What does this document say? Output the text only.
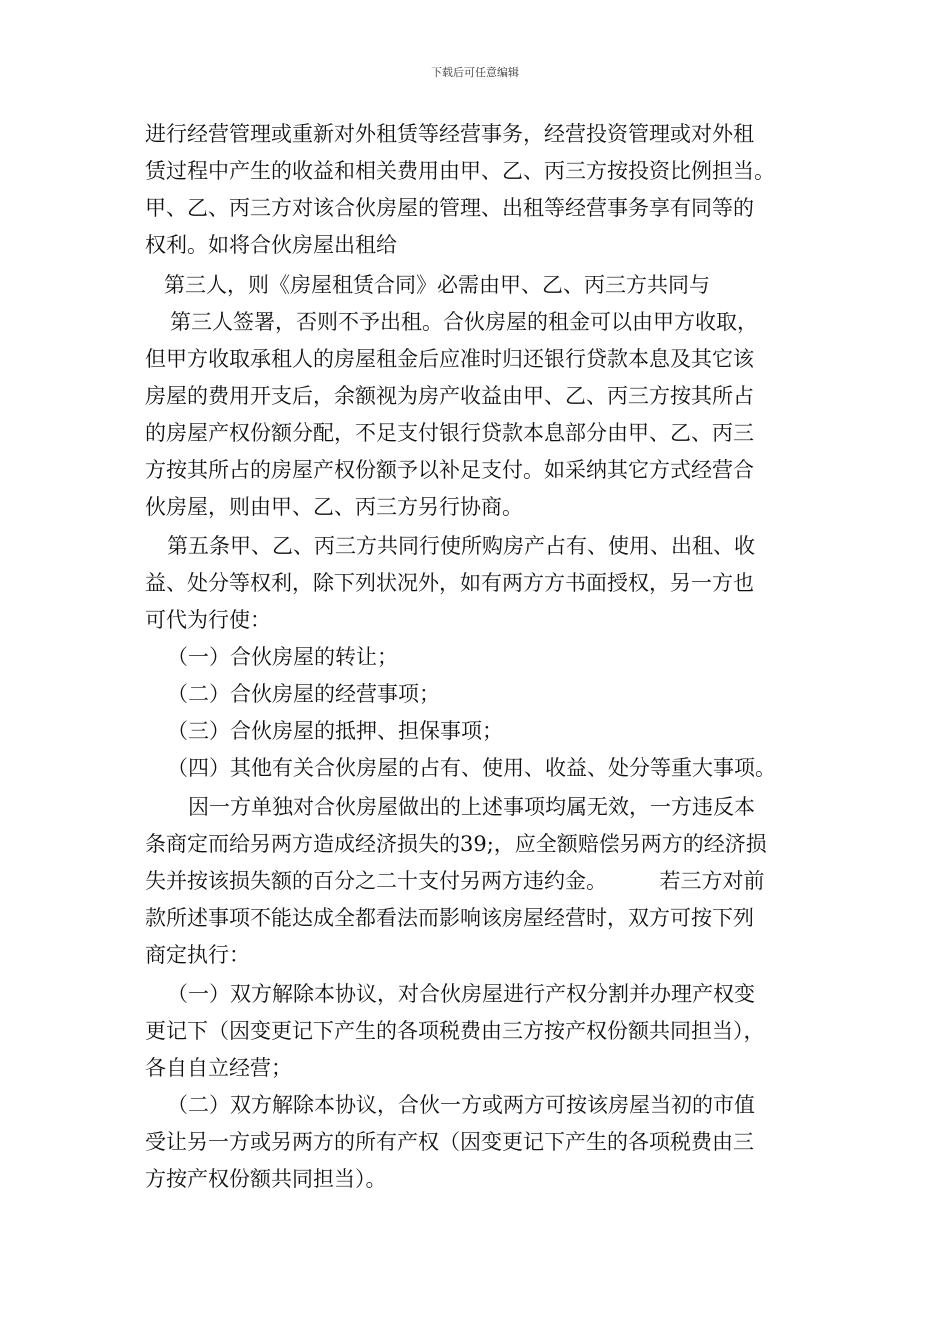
下载后可任意编辑
进行经营管理或重新对外租赁等经营事务，经营投资管理或对外租
赁过程中产生的收益和相关费用由甲、乙、丙三方按投资比例担当。
甲、乙、丙三方对该合伙房屋的管理、出租等经营事务享有同等的
权利。如将合伙房屋出租给
第三人，则《房屋租赁合同》必需由甲、乙、丙三方共同与
第三人签署，否则不予出租。合伙房屋的租金可以由甲方收取，
但甲方收取承租人的房屋租金后应准时归还银行贷款本息及其它该
房屋的费用开支后，余额视为房产收益由甲、乙、丙三方按其所占
的房屋产权份额分配，不足支付银行贷款本息部分由甲、乙、丙三
方按其所占的房屋产权份额予以补足支付。如采纳其它方式经营合
伙房屋，则由甲、乙、丙三方另行协商。
第五条甲、乙、丙三方共同行使所购房产占有、使用、出租、收
益、处分等权利，除下列状况外，如有两方方书面授权，另一方也
可代为行使：
（一）合伙房屋的转让；
（二）合伙房屋的经营事项；
（三）合伙房屋的抵押、担保事项；
（四）其他有关合伙房屋的占有、使用、收益、处分等重大事项。
因一方单独对合伙房屋做出的上述事项均属无效，一方违反本
条商定而给另两方造成经济损失的39;，应全额赔偿另两方的经济损
失并按该损失额的百分之二十支付另两方违约金。　　　若三方对前
款所述事项不能达成全都看法而影响该房屋经营时，双方可按下列
商定执行：
（一）双方解除本协议，对合伙房屋进行产权分割并办理产权变
更记下（因变更记下产生的各项税费由三方按产权份额共同担当），
各自自立经营；
（二）双方解除本协议，合伙一方或两方可按该房屋当初的市值
受让另一方或另两方的所有产权（因变更记下产生的各项税费由三
方按产权份额共同担当）。
